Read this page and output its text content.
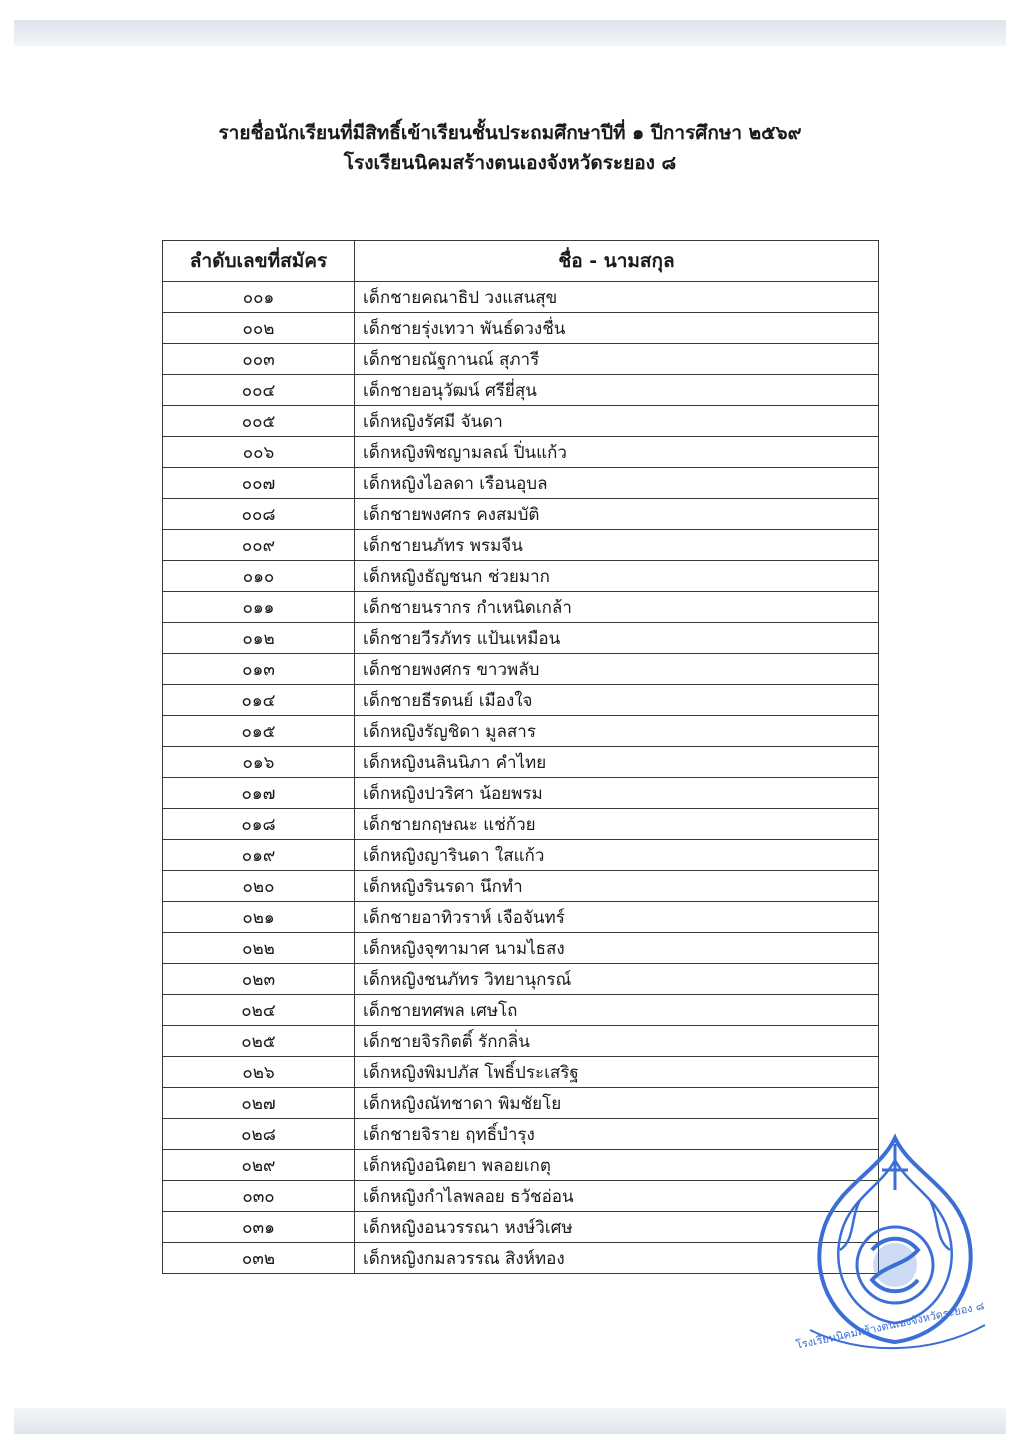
รายชื่อนักเรียนที่มีสิทธิ์เข้าเรียนชั้นประถมศึกษาปีที่ ๑ ปีการศึกษา ๒๕๖๙
โรงเรียนนิคมสร้างตนเองจังหวัดระยอง ๘
ลำดับเลขที่สมัคร	ชื่อ - นามสกุล
๐๐๑	เด็กชายคณาธิป วงแสนสุข
๐๐๒	เด็กชายรุ่งเทวา พันธ์ดวงชื่น
๐๐๓	เด็กชายณัฐกานณ์ สุภารี
๐๐๔	เด็กชายอนุวัฒน์ ศรียี่สุน
๐๐๕	เด็กหญิงรัศมี จันดา
๐๐๖	เด็กหญิงพิชญามลณ์ ปิ่นแก้ว
๐๐๗	เด็กหญิงไอลดา เรือนอุบล
๐๐๘	เด็กชายพงศกร คงสมบัติ
๐๐๙	เด็กชายนภัทร พรมจีน
๐๑๐	เด็กหญิงธัญชนก ช่วยมาก
๐๑๑	เด็กชายนรากร กำเหนิดเกล้า
๐๑๒	เด็กชายวีรภัทร แป้นเหมือน
๐๑๓	เด็กชายพงศกร ขาวพลับ
๐๑๔	เด็กชายธีรดนย์ เมืองใจ
๐๑๕	เด็กหญิงรัญชิดา มูลสาร
๐๑๖	เด็กหญิงนลินนิภา คำไทย
๐๑๗	เด็กหญิงปวริศา น้อยพรม
๐๑๘	เด็กชายกฤษณะ แช่ก้วย
๐๑๙	เด็กหญิงญารินดา ใสแก้ว
๐๒๐	เด็กหญิงรินรดา นึกทำ
๐๒๑	เด็กชายอาทิวราห์ เจือจันทร์
๐๒๒	เด็กหญิงจุฑามาศ นามไธสง
๐๒๓	เด็กหญิงชนภัทร วิทยานุกรณ์
๐๒๔	เด็กชายทศพล เศษโถ
๐๒๕	เด็กชายจิรกิตติ์ รักกลิ่น
๐๒๖	เด็กหญิงพิมปภัส โพธิ์ประเสริฐ
๐๒๗	เด็กหญิงณัทชาดา พิมชัยโย
๐๒๘	เด็กชายจิราย ฤทธิ์บำรุง
๐๒๙	เด็กหญิงอนิตยา พลอยเกตุ
๐๓๐	เด็กหญิงกำไลพลอย ธวัชอ่อน
๐๓๑	เด็กหญิงอนวรรณา หงษ์วิเศษ
๐๓๒	เด็กหญิงกมลวรรณ สิงห์ทอง
โรงเรียนนิคมสร้างตนเองจังหวัดระยอง ๘
